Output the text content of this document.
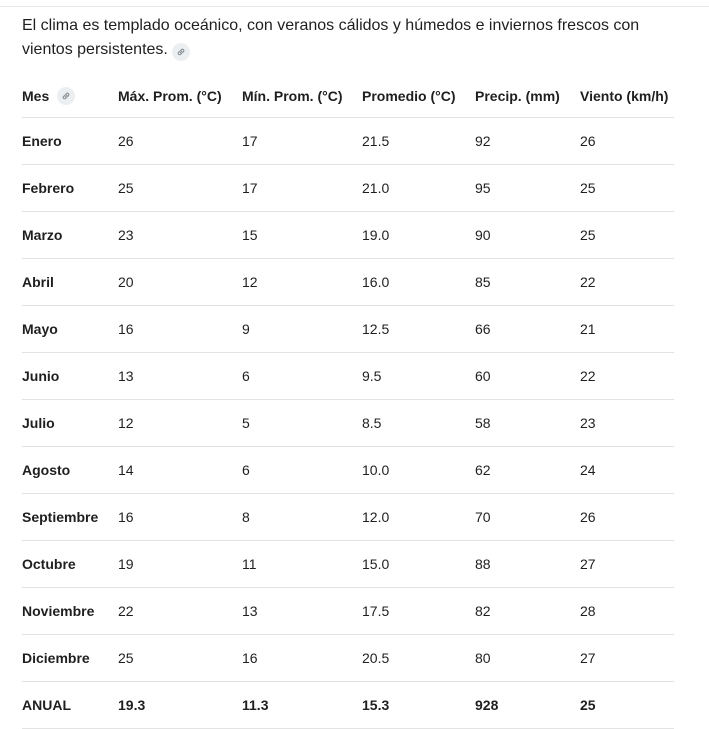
El clima es templado oceánico, con veranos cálidos y húmedos e inviernos frescos con vientos persistentes.

Mes	Máx. Prom. (°C)	Mín. Prom. (°C)	Promedio (°C)	Precip. (mm)	Viento (km/h)
Enero	26	17	21.5	92	26
Febrero	25	17	21.0	95	25
Marzo	23	15	19.0	90	25
Abril	20	12	16.0	85	22
Mayo	16	9	12.5	66	21
Junio	13	6	9.5	60	22
Julio	12	5	8.5	58	23
Agosto	14	6	10.0	62	24
Septiembre	16	8	12.0	70	26
Octubre	19	11	15.0	88	27
Noviembre	22	13	17.5	82	28
Diciembre	25	16	20.5	80	27
ANUAL	19.3	11.3	15.3	928	25
